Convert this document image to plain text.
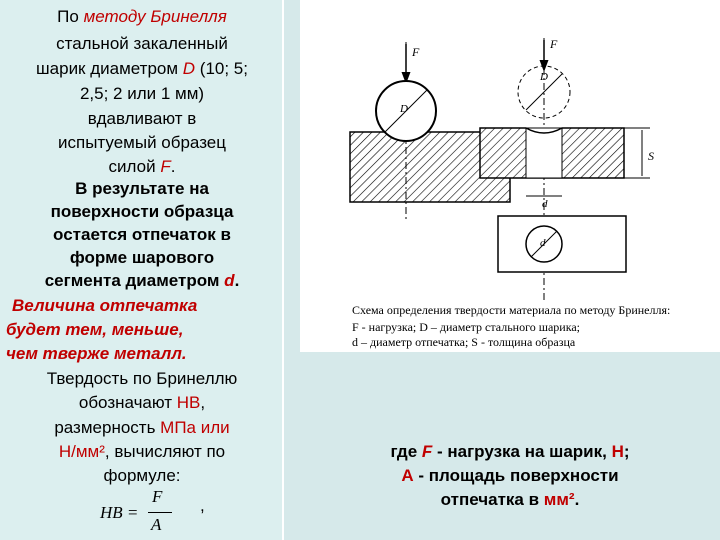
По методу Бринелля
стальной закаленный
шарик диаметром D (10; 5;
2,5; 2 или 1 мм)
вдавливают в
испытуемый образец
силой F.
В результате на
поверхности образца
остается отпечаток в
форме шарового
сегмента диаметром d.
Величина отпечатка
будет тем, меньше,
чем тверже металл.
Твердость по Бринеллю
обозначают НВ,
размерность МПа или
Н/мм², вычисляют по
формуле:
HB =
F
A
,
F
D
F
D
S
d
d
Схема определения твердости материала по методу Бринелля:
F - нагрузка; D – диаметр стального шарика;
d – диаметр отпечатка; S - толщина образца
где F - нагрузка на шарик, Н;
А - площадь поверхности
отпечатка в мм².
